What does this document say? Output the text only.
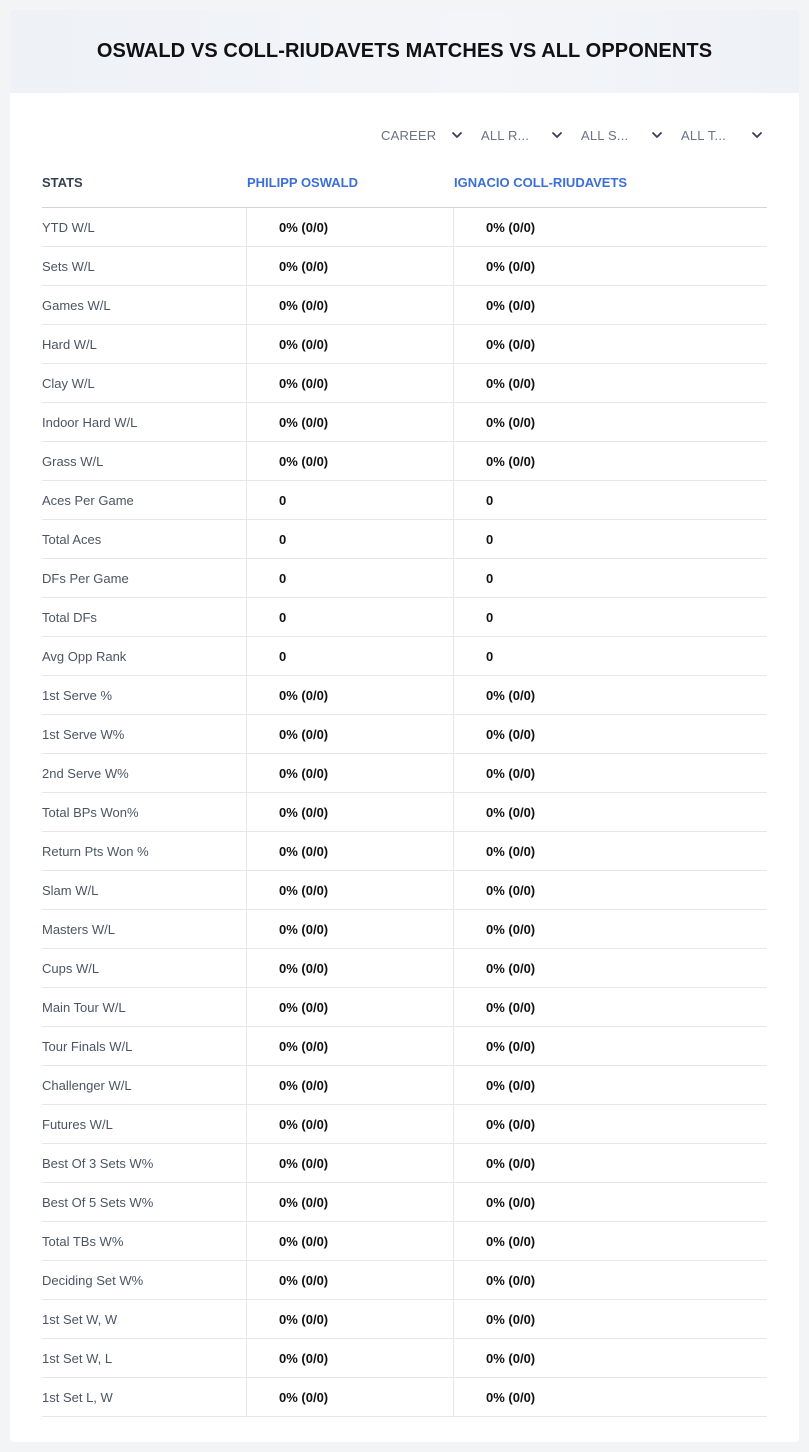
OSWALD VS COLL-RIUDAVETS MATCHES VS ALL OPPONENTS
CAREER	ALL R...	ALL S...	ALL T...
STATS	PHILIPP OSWALD	IGNACIO COLL-RIUDAVETS
YTD W/L	0% (0/0)	0% (0/0)
Sets W/L	0% (0/0)	0% (0/0)
Games W/L	0% (0/0)	0% (0/0)
Hard W/L	0% (0/0)	0% (0/0)
Clay W/L	0% (0/0)	0% (0/0)
Indoor Hard W/L	0% (0/0)	0% (0/0)
Grass W/L	0% (0/0)	0% (0/0)
Aces Per Game	0	0
Total Aces	0	0
DFs Per Game	0	0
Total DFs	0	0
Avg Opp Rank	0	0
1st Serve %	0% (0/0)	0% (0/0)
1st Serve W%	0% (0/0)	0% (0/0)
2nd Serve W%	0% (0/0)	0% (0/0)
Total BPs Won%	0% (0/0)	0% (0/0)
Return Pts Won %	0% (0/0)	0% (0/0)
Slam W/L	0% (0/0)	0% (0/0)
Masters W/L	0% (0/0)	0% (0/0)
Cups W/L	0% (0/0)	0% (0/0)
Main Tour W/L	0% (0/0)	0% (0/0)
Tour Finals W/L	0% (0/0)	0% (0/0)
Challenger W/L	0% (0/0)	0% (0/0)
Futures W/L	0% (0/0)	0% (0/0)
Best Of 3 Sets W%	0% (0/0)	0% (0/0)
Best Of 5 Sets W%	0% (0/0)	0% (0/0)
Total TBs W%	0% (0/0)	0% (0/0)
Deciding Set W%	0% (0/0)	0% (0/0)
1st Set W, W	0% (0/0)	0% (0/0)
1st Set W, L	0% (0/0)	0% (0/0)
1st Set L, W	0% (0/0)	0% (0/0)
